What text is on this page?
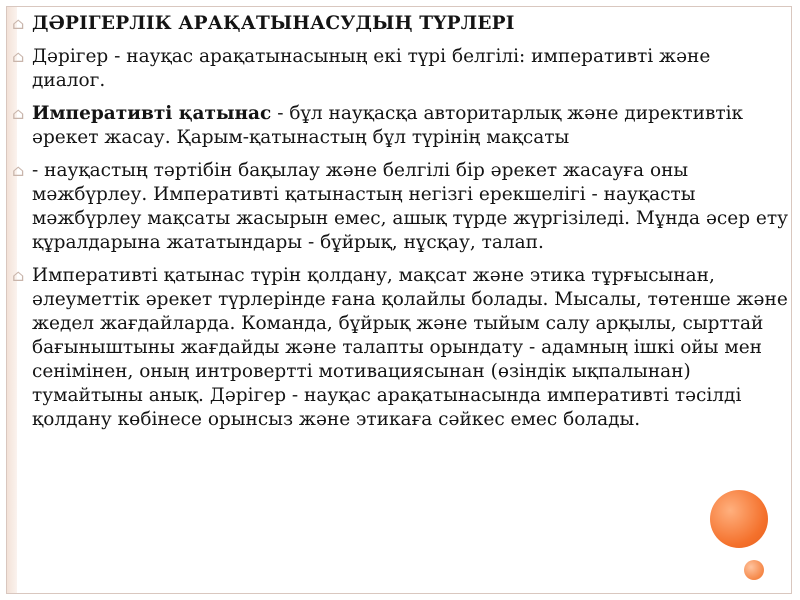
⌂ ДӘРІГЕРЛІК АРАҚАТЫНАСУДЫҢ ТҮРЛЕРІ
⌂ Дәрігер - науқас арақатынасының екі түрі белгілі: императивті және диалог.
⌂ Императивті қатынас - бұл науқасқа авторитарлық және директивтік әрекет жасау. Қарым-қатынастың бұл түрінің мақсаты
⌂ - науқастың тәртібін бақылау және белгілі бір әрекет жасауға оны мәжбүрлеу. Императивті қатынастың негізгі ерекшелігі - науқасты мәжбүрлеу мақсаты жасырын емес, ашық түрде жүргізіледі. Мұнда әсер ету құралдарына жататындары - бұйрық, нұсқау, талап.
⌂ Императивті қатынас түрін қолдану, мақсат және этика тұрғысынан, әлеуметтік әрекет түрлерінде ғана қолайлы болады. Мысалы, төтенше және жедел жағдайларда. Команда, бұйрық және тыйым салу арқылы, сырттай бағыныштыны жағдайды және талапты орындату - адамның ішкі ойы мен сенімінен, оның интровертті мотивациясынан (өзіндік ықпалынан) тумайтыны анық. Дәрігер - науқас арақатынасында императивті тәсілді қолдану көбінесе орынсыз және этикаға сәйкес емес болады.
